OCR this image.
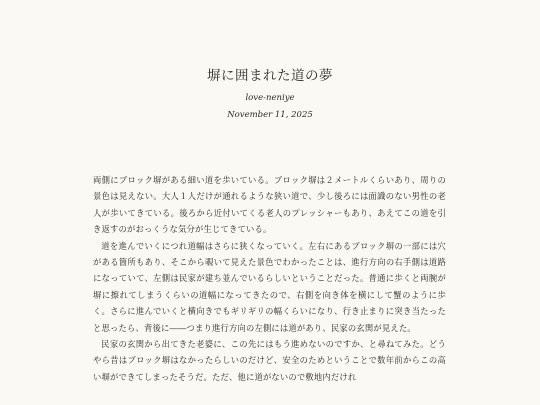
塀に囲まれた道の夢
love-neniye
November 11, 2025

両側にブロック塀がある細い道を歩いている。ブロック塀は２メートルくらいあり、周りの景色は見えない。大人１人だけが通れるような狭い道で、少し後ろには面識のない男性の老人が歩いてきている。後ろから近付いてくる老人のプレッシャーもあり、あえてこの道を引き返すのがおっくうな気分が生じてきている。

道を進んでいくにつれ道幅はさらに狭くなっていく。左右にあるブロック塀の一部には穴がある箇所もあり、そこから覗いて見えた景色でわかったことは、進行方向の右手側は道路になっていて、左側は民家が建ち並んでいるらしいということだった。普通に歩くと両腕が塀に擦れてしまうくらいの道幅になってきたので、右側を向き体を横にして蟹のように歩く。さらに進んでいくと横向きでもギリギリの幅くらいになり、行き止まりに突き当たったと思ったら、背後に――つまり進行方向の左側には道があり、民家の玄関が見えた。

民家の玄関から出てきた老婆に、この先にはもう進めないのですか、と尋ねてみた。どうやら昔はブロック塀はなかったらしいのだけど、安全のためということで数年前からこの高い塀ができてしまったそうだ。ただ、他に道がないので敷地内だけれ
